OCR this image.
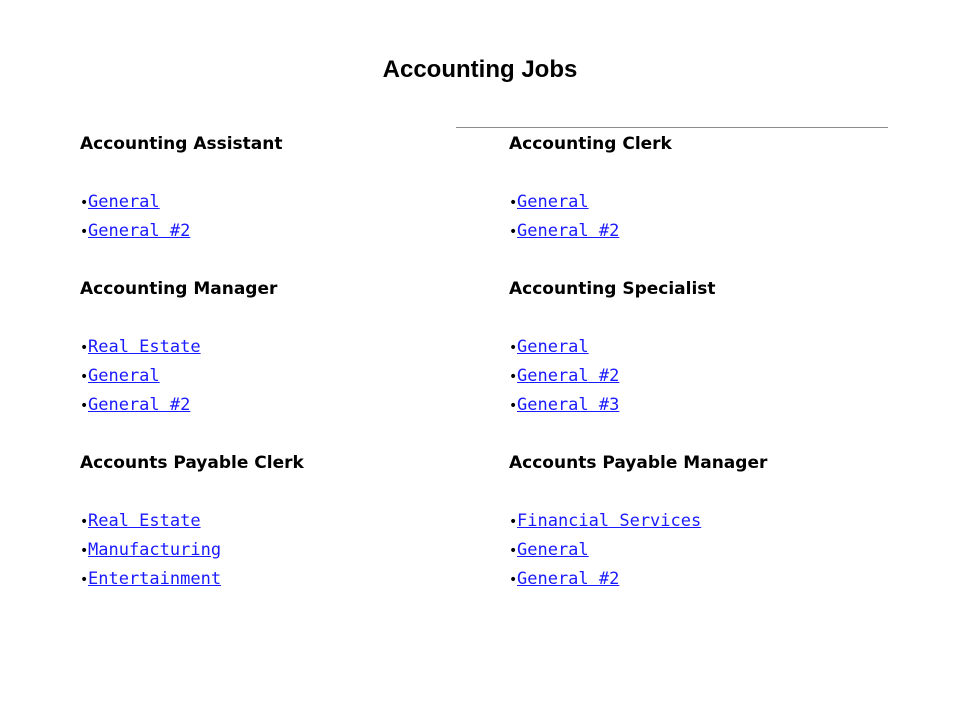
Accounting Jobs
Accounting Assistant
•General
•General #2
Accounting Manager
•Real Estate
•General
•General #2
Accounts Payable Clerk
•Real Estate
•Manufacturing
•Entertainment
Accounting Clerk
•General
•General #2
Accounting Specialist
•General
•General #2
•General #3
Accounts Payable Manager
•Financial Services
•General
•General #2
